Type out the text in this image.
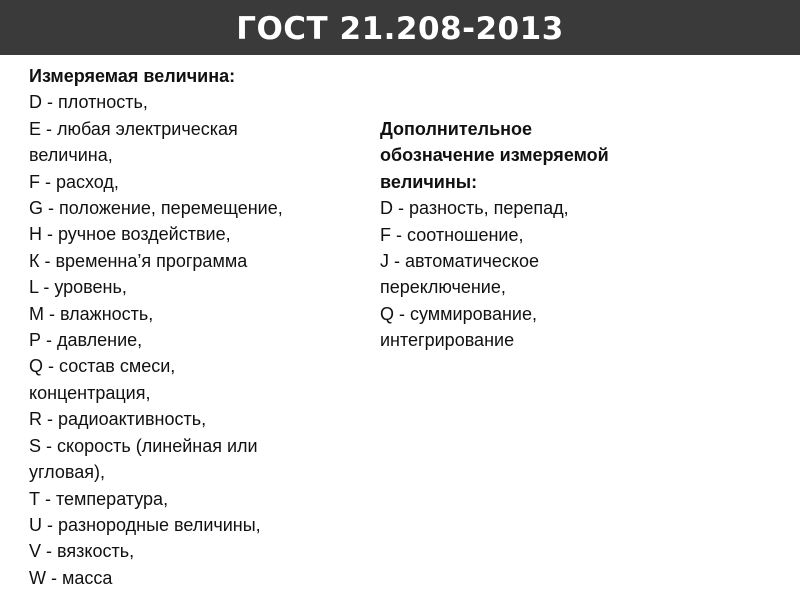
ГОСТ 21.208-2013
Измеряемая величина:
D - плотность,
Е - любая электрическая
величина,
F - расход,
G - положение, перемещение,
Н - ручное воздействие,
К - временна’я программа
L - уровень,
М - влажность,
Р - давление,
Q - состав смеси,
концентрация,
R - радиоактивность,
S - скорость (линейная или
угловая),
Т - температура,
U - разнородные величины,
V - вязкость,
W - масса
Дополнительное
обозначение измеряемой
величины:
D - разность, перепад,
F - соотношение,
J - автоматическое
переключение,
Q - суммирование,
интегрирование
